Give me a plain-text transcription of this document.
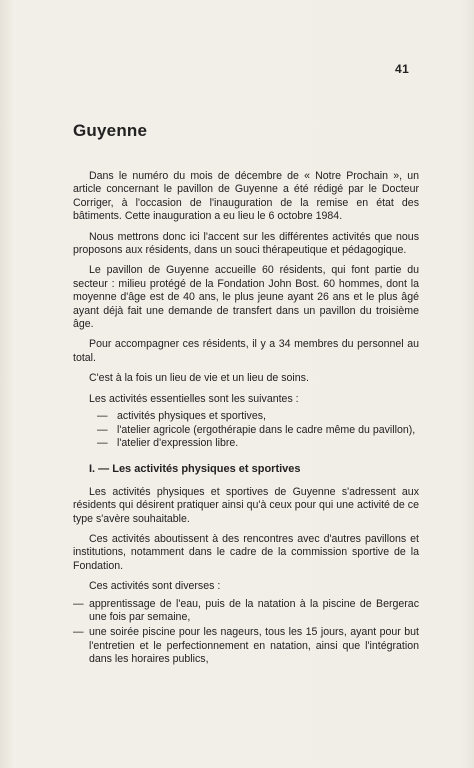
41
Guyenne

Dans le numéro du mois de décembre de « Notre Prochain », un article concernant le pavillon de Guyenne a été rédigé par le Docteur Corriger, à l'occasion de l'inauguration de la remise en état des bâtiments. Cette inauguration a eu lieu le 6 octobre 1984.

Nous mettrons donc ici l'accent sur les différentes activités que nous proposons aux résidents, dans un souci thérapeutique et pédagogique.

Le pavillon de Guyenne accueille 60 résidents, qui font partie du secteur : milieu protégé de la Fondation John Bost. 60 hommes, dont la moyenne d'âge est de 40 ans, le plus jeune ayant 26 ans et le plus âgé ayant déjà fait une demande de transfert dans un pavillon du troisième âge.

Pour accompagner ces résidents, il y a 34 membres du personnel au total.

C'est à la fois un lieu de vie et un lieu de soins.

Les activités essentielles sont les suivantes :

— activités physiques et sportives,
— l'atelier agricole (ergothérapie dans le cadre même du pavillon),
— l'atelier d'expression libre.
I. — Les activités physiques et sportives

Les activités physiques et sportives de Guyenne s'adressent aux résidents qui désirent pratiquer ainsi qu'à ceux pour qui une activité de ce type s'avère souhaitable.

Ces activités aboutissent à des rencontres avec d'autres pavillons et institutions, notamment dans le cadre de la commission sportive de la Fondation.

Ces activités sont diverses :

— apprentissage de l'eau, puis de la natation à la piscine de Bergerac une fois par semaine,
— une soirée piscine pour les nageurs, tous les 15 jours, ayant pour but l'entretien et le perfectionnement en natation, ainsi que l'intégration dans les horaires publics,
